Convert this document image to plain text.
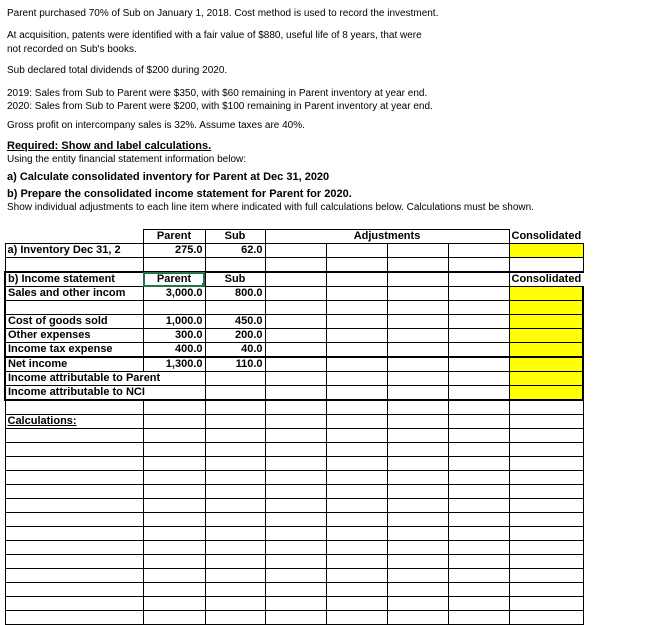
Parent purchased 70% of Sub on January 1, 2018. Cost method is used to record the investment.
At acquisition, patents were identified with a fair value of $880, useful life of 8 years, that were
not recorded on Sub's books.
Sub declared total dividends of $200 during 2020.
2019: Sales from Sub to Parent were $350, with $60 remaining in Parent inventory at year end.
2020: Sales from Sub to Parent were $200, with $100 remaining in Parent inventory at year end.
Gross profit on intercompany sales is 32%. Assume taxes are 40%.
Required: Show and label calculations.
Using the entity financial statement information below:
a) Calculate consolidated inventory for Parent at Dec 31, 2020
b) Prepare the consolidated income statement for Parent for 2020.
Show individual adjustments to each line item where indicated with full calculations below. Calculations must be shown.
	Parent	Sub	Adjustments				Consolidated
a) Inventory Dec 31, 2	275.0	62.0					

b) Income statement	Parent	Sub					Consolidated
Sales and other incom	3,000.0	800.0					

Cost of goods sold	1,000.0	450.0					
Other expenses	300.0	200.0					
Income tax expense	400.0	40.0					
Net income	1,300.0	110.0					
Income attributable to Parent							
Income attributable to NCI							

Calculations:							
